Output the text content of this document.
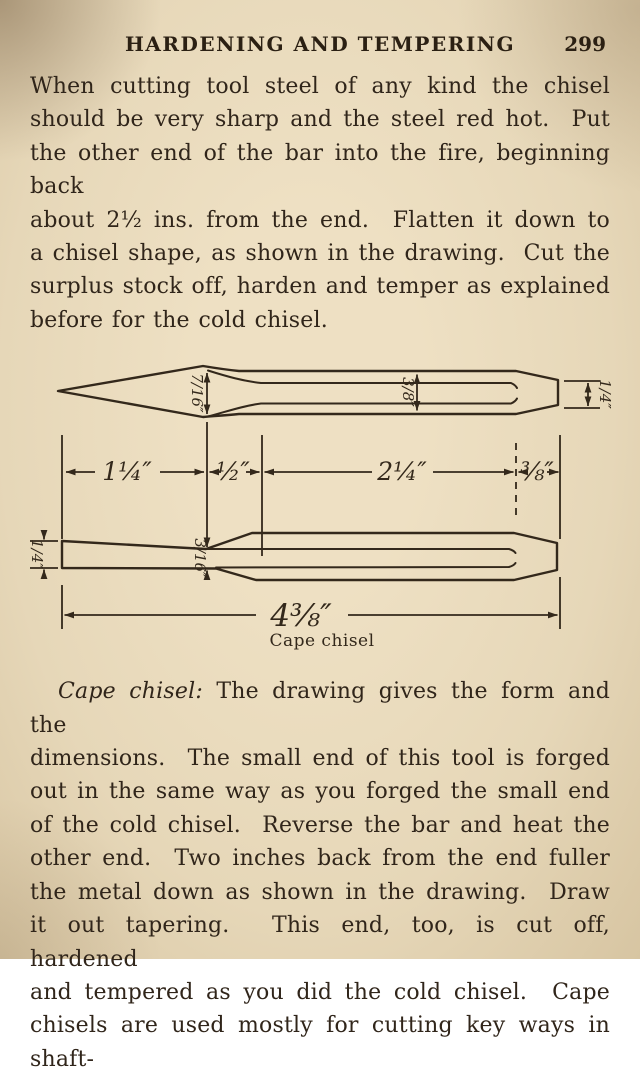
HARDENING AND TEMPERING	299
When cutting tool steel of any kind the chisel
should be very sharp and the steel red hot.  Put
the other end of the bar into the fire, beginning back
about 2½ ins. from the end.  Flatten it down to
a chisel shape, as shown in the drawing.  Cut the
surplus stock off, harden and temper as explained
before for the cold chisel.
7/16″	3/8″	1/4″
1¼″	½″	2¼″	⅜″
3/16″
1/4″
4⅜″
Cape chisel
Cape chisel: The drawing gives the form and the
dimensions.  The small end of this tool is forged
out in the same way as you forged the small end
of the cold chisel.  Reverse the bar and heat the
other end.  Two inches back from the end fuller
the metal down as shown in the drawing.  Draw
it out tapering.  This end, too, is cut off, hardened
and tempered as you did the cold chisel.  Cape
chisels are used mostly for cutting key ways in shaft-
